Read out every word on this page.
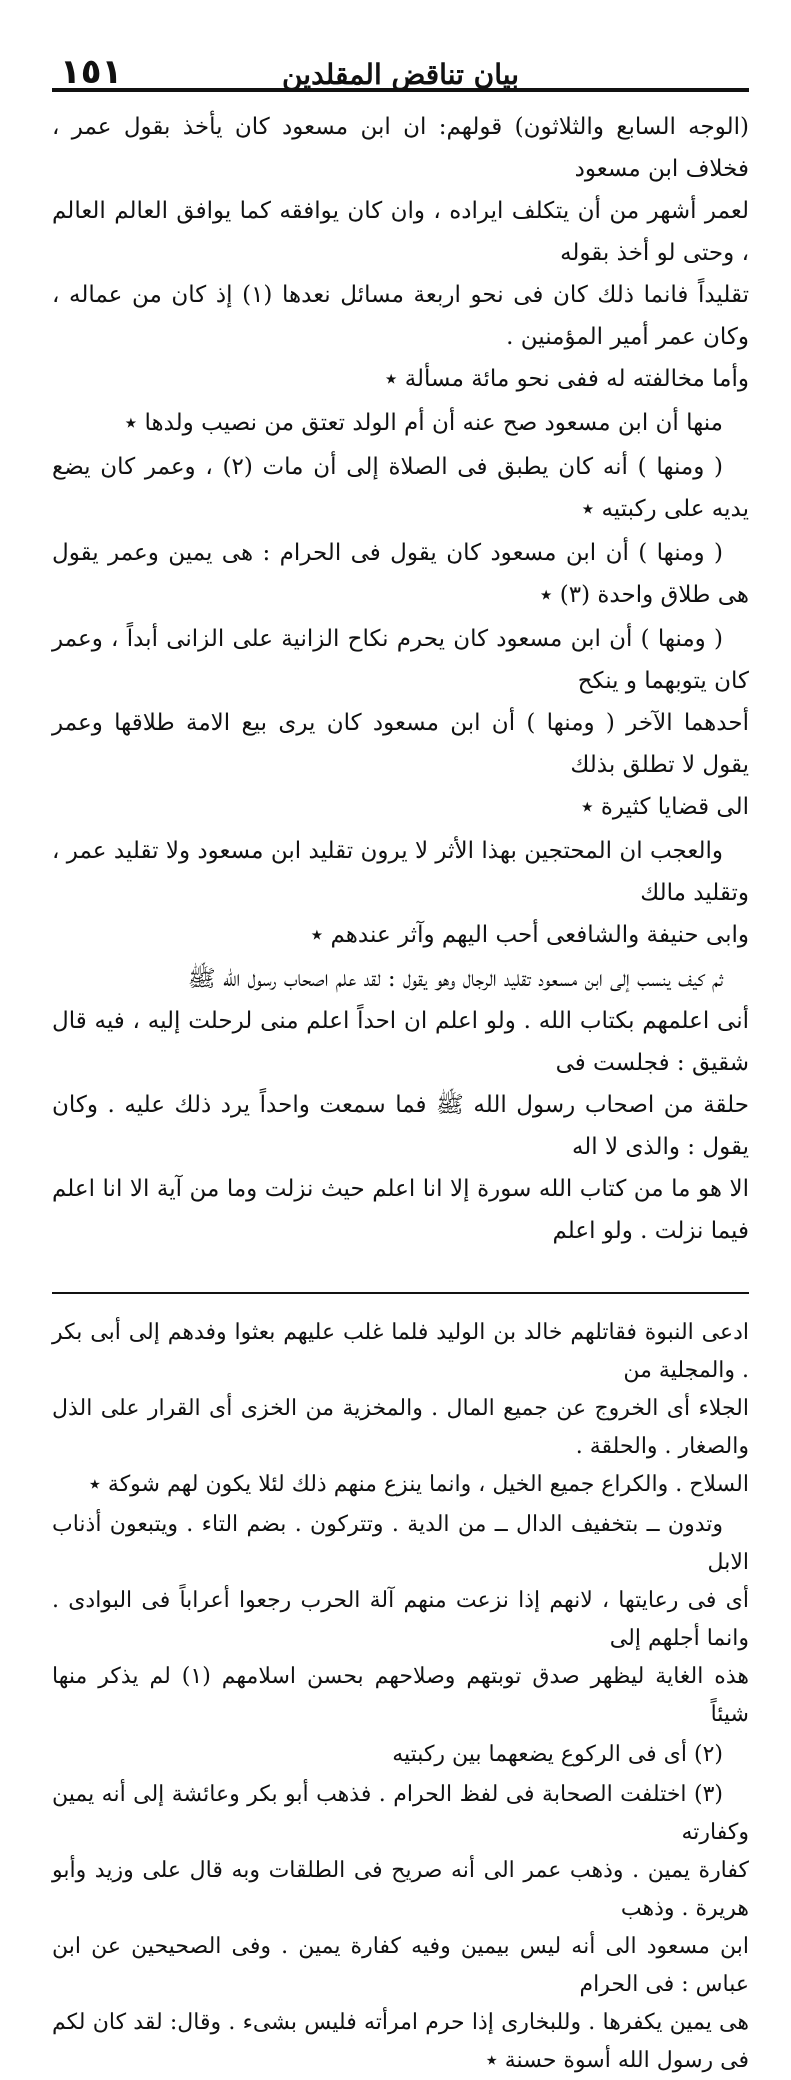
١٥١	بيان تناقض المقلدين

(الوجه السابع والثلاثون) قولهم: ان ابن مسعود كان يأخذ بقول عمر ، فخلاف ابن مسعود
لعمر أشهر من أن يتكلف ايراده ، وان كان يوافقه كما يوافق العالم العالم ، وحتى لو أخذ بقوله
تقليداً فانما ذلك كان فى نحو اربعة مسائل نعدها (١) إذ كان من عماله ، وكان عمر أمير المؤمنين .
وأما مخالفته له ففى نحو مائة مسألة ٭

منها أن ابن مسعود صح عنه أن أم الولد تعتق من نصيب ولدها ٭

( ومنها ) أنه كان يطبق فى الصلاة إلى أن مات (٢) ، وعمر كان يضع يديه على ركبتيه ٭

( ومنها ) أن ابن مسعود كان يقول فى الحرام : هى يمين وعمر يقول هى طلاق واحدة (٣) ٭

( ومنها ) أن ابن مسعود كان يحرم نكاح الزانية على الزانى أبداً ، وعمر كان يتوبهما و ينكح
أحدهما الآخر ( ومنها ) أن ابن مسعود كان يرى بيع الامة طلاقها وعمر يقول لا تطلق بذلك
الى قضايا كثيرة ٭

والعجب ان المحتجين بهذا الأثر لا يرون تقليد ابن مسعود ولا تقليد عمر ، وتقليد مالك
وابى حنيفة والشافعى أحب اليهم وآثر عندهم ٭

ثم كيف ينسب إلى ابن مسعود تقليد الرجال وهو يقول : لقد علم اصحاب رسول الله ﷺ
أنى اعلمهم بكتاب الله . ولو اعلم ان احداً اعلم منى لرحلت إليه ، فيه قال شقيق : فجلست فى
حلقة من اصحاب رسول الله ﷺ فما سمعت واحداً يرد ذلك عليه . وكان يقول : والذى لا اله
الا هو ما من كتاب الله سورة إلا انا اعلم حيث نزلت وما من آية الا انا اعلم فيما نزلت . ولو اعلم

ادعى النبوة فقاتلهم خالد بن الوليد فلما غلب عليهم بعثوا وفدهم إلى أبى بكر . والمجلية من
الجلاء أى الخروج عن جميع المال . والمخزية من الخزى أى القرار على الذل والصغار . والحلقة .
السلاح . والكراع جميع الخيل ، وانما ينزع منهم ذلك لئلا يكون لهم شوكة ٭

وتدون ــ بتخفيف الدال ــ من الدية . وتتركون . بضم التاء . ويتبعون أذناب الابل
أى فى رعايتها ، لانهم إذا نزعت منهم آلة الحرب رجعوا أعراباً فى البوادى . وانما أجلهم إلى
هذه الغاية ليظهر صدق توبتهم وصلاحهم بحسن اسلامهم (١) لم يذكر منها شيئاً

(٢) أى فى الركوع يضعهما بين ركبتيه

(٣) اختلفت الصحابة فى لفظ الحرام . فذهب أبو بكر وعائشة إلى أنه يمين وكفارته
كفارة يمين . وذهب عمر الى أنه صريح فى الطلقات وبه قال على وزيد وأبو هريرة . وذهب
ابن مسعود الى أنه ليس بيمين وفيه كفارة يمين . وفى الصحيحين عن ابن عباس : فى الحرام
هى يمين يكفرها . وللبخارى إذا حرم امرأته فليس بشىء . وقال: لقد كان لكم فى رسول الله أسوة حسنة ٭
